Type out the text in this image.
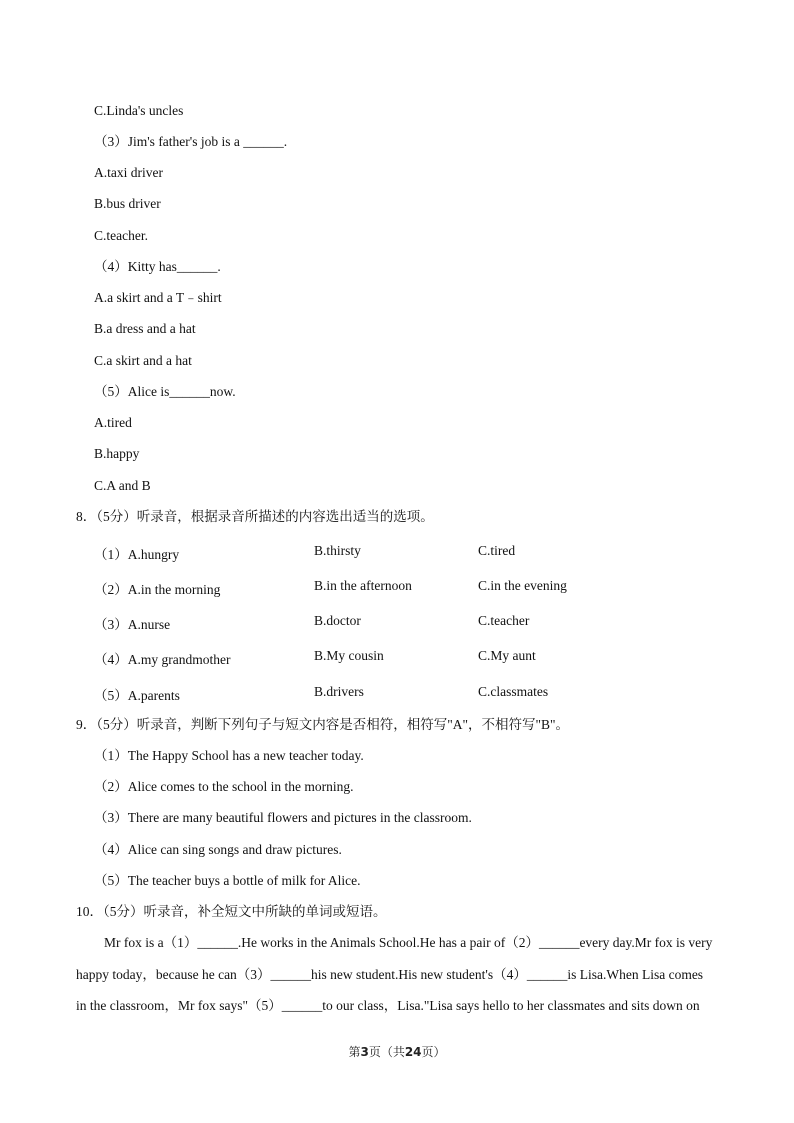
C.Linda's uncles
（3）Jim's father's job is a ______.
A.taxi driver
B.bus driver
C.teacher.
（4）Kitty has______.
A.a skirt and a T﹣shirt
B.a dress and a hat
C.a skirt and a hat
（5）Alice is______now.
A.tired
B.happy
C.A and B
8．（5分）听录音，根据录音所描述的内容选出适当的选项。
（1）A.hungry	B.thirsty	C.tired
（2）A.in the morning	B.in the afternoon	C.in the evening
（3）A.nurse	B.doctor	C.teacher
（4）A.my grandmother	B.My cousin	C.My aunt
（5）A.parents	B.drivers	C.classmates
9．（5分）听录音，判断下列句子与短文内容是否相符，相符写"A"，不相符写"B"。
（1）The Happy School has a new teacher today.
（2）Alice comes to the school in the morning.
（3）There are many beautiful flowers and pictures in the classroom.
（4）Alice can sing songs and draw pictures.
（5）The teacher buys a bottle of milk for Alice.
10．（5分）听录音，补全短文中所缺的单词或短语。
Mr fox is a（1）______.He works in the Animals School.He has a pair of（2）______every day.Mr fox is very
happy today，because he can（3）______his new student.His new student's（4）______is Lisa.When Lisa comes
in the classroom，Mr fox says"（5）______to our class，Lisa."Lisa says hello to her classmates and sits down on
第3页（共24页）
